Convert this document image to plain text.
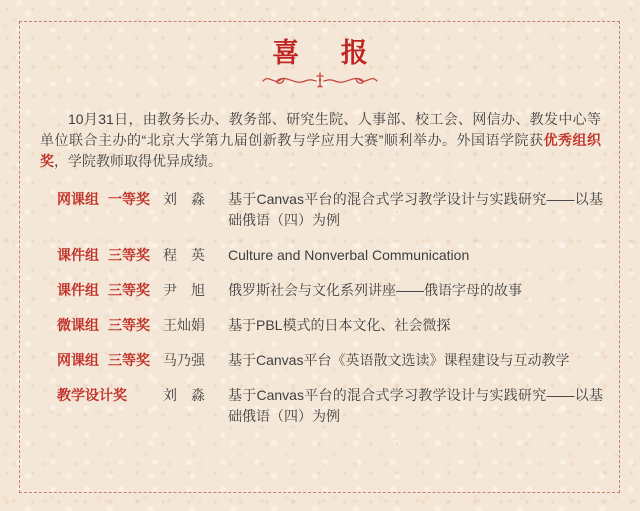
喜 报

10月31日，由教务长办、教务部、研究生院、人事部、校工会、网信办、教发中心等单位联合主办的“北京大学第九届创新教与学应用大赛”顺利举办。外国语学院获优秀组织奖，学院教师取得优异成绩。

网课组 一等奖 刘　淼	基于Canvas平台的混合式学习教学设计与实践研究——以基础俄语（四）为例
课件组 三等奖 程　英	Culture and Nonverbal Communication
课件组 三等奖 尹　旭	俄罗斯社会与文化系列讲座——俄语字母的故事
微课组 三等奖 王灿娟	基于PBL模式的日本文化、社会微探
网课组 三等奖 马乃强	基于Canvas平台《英语散文选读》课程建设与互动教学
教学设计奖	刘　淼	基于Canvas平台的混合式学习教学设计与实践研究——以基础俄语（四）为例
